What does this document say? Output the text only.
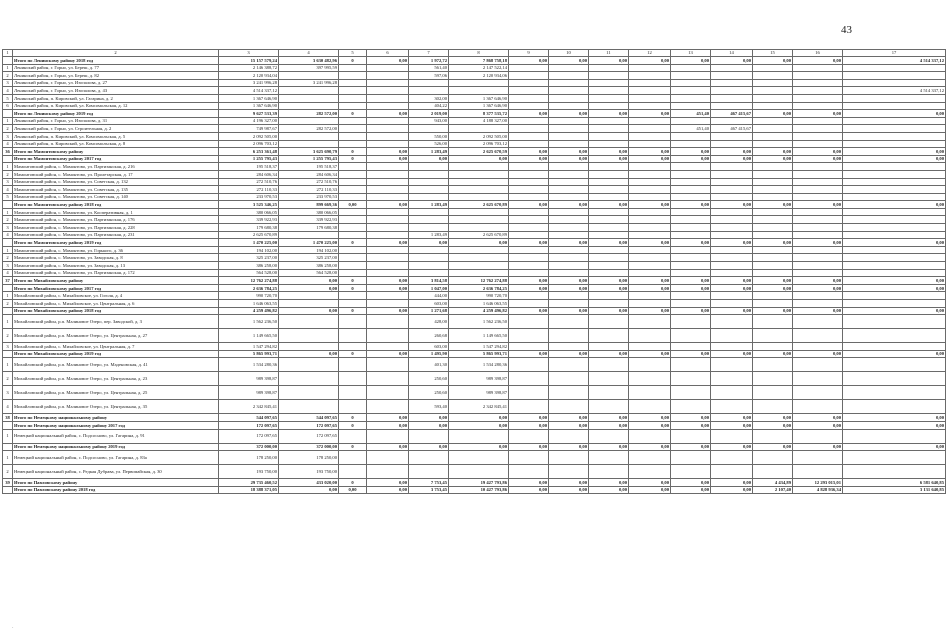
43
1	2	3	4	5	6	7	8	9	10	11	12	13	14	15	16	17
	Итого по Ленинскому району 2018 год	15 157 579,24	3 630 482,96	0	0,00	1 972,72	7 868 758,18	0,00	0,00	0,00	0,00	0,00	0,00	0,00	0,00	4 514 337,12
1	Ленинский район, г. Горно, ул. Береш, д. 77	2 146 388,72	397 995,59			561,40	2 147 522,14									
2	Ленинский район, г. Горно, ул. Береш, д. 82	2 120 934,04				597,06	2 120 934,06									
3	Ленинский район, г. Горно, ул. Изопалова, д. 27	3 241 996,28	3 241 996,28													
4	Ленинский район, г. Горно, ул. Изопалова, д. 43	4 514 337,12														4 514 337,12
5	Ленинский район, п. Кировский, ул. Гагарина, д. 2	1 367 646,90				302,00	1 367 646,90									
6	Ленинский район, п. Кировский, ул. Комсомольская, д. 12	1 367 646,90				404,22	1 367 646,90									
	Итого по Ленинскому району 2019 год	9 627 533,39	282 572,00	0	0,00	2 019,00	8 377 535,72	0,00	0,00	0,00	0,00	451,40	467 415,67	0,00	0,00	0,00
1	Ленинский район, г. Горно, ул. Изопалова, д. 31	4 196 327,00				943,00	4 188 327,00									
2	Ленинский район, г. Горно, ул. Строительная, д. 2	749 987,67	282 572,00									451,40	467 415,67			
3	Ленинский район, п. Кировский, ул. Комсомольская, д. 5	2 092 505,00				550,00	2 092 505,00									
4	Ленинский район, п. Кировский, ул. Комсомольская, д. 8	2 096 703,12				526,00	2 096 703,12									
36	Итого по Мамонтовскому району	6 253 361,48	3 625 690,79	0	0,00	1 283,49	2 625 670,59	0,00	0,00	0,00	0,00	0,00	0,00	0,00	0,00	0,00
	Итого по Мамонтовскому району 2017 год	1 255 795,43	1 255 795,43	0	0,00	0,00	0,00	0,00	0,00	0,00	0,00	0,00	0,00	0,00	0,00	0,00
1	Мамонтовский район, с. Мамонтово, ул. Партизанская, д. 216	195 518,37	195 518,37													
2	Мамонтовский район, с. Мамонтово, ул. Пролетарская, д. 17	284 606,34	284 606,34													
3	Мамонтовский район, с. Мамонтово, ул. Советская, д. 132	272 510,76	272 510,76													
4	Мамонтовский район, с. Мамонтово, ул. Советская, д. 135	272 110,33	272 110,33													
5	Мамонтовский район, с. Мамонтово, ул. Советская, д. 140	233 970,53	233 970,53													
	Итого по Мамонтовскому району 2018 год	3 525 346,25	899 669,36	0,00	0,00	1 283,49	2 625 670,89	0,00	0,00	0,00	0,00	0,00	0,00	0,00	0,00	0,00
1	Мамонтовский район, с. Мамонтово, ул. Кооперативная, д. 1	380 066,05	380 066,05													
2	Мамонтовский район, с. Мамонтово, ул. Партизанская, д. 176	339 922,93	339 922,93													
3	Мамонтовский район, с. Мамонтово, ул. Партизанская, д. 228	179 680,38	179 680,38													
4	Мамонтовский район, с. Мамонтово, ул. Партизанская, д. 231	2 625 670,89				1 283,49	2 625 670,89									
	Итого по Мамонтовскому району 2019 год	1 470 225,00	1 470 225,00	0	0,00	0,00	0,00	0,00	0,00	0,00	0,00	0,00	0,00	0,00	0,00	0,00
1	Мамонтовский район, с. Мамонтово, ул. Горького, д. 36	194 102,00	194 102,00													
2	Мамонтовский район, с. Мамонтово, ул. Заводская, д. 8	325 237,00	325 237,00													
3	Мамонтовский район, с. Мамонтово, ул. Заводская, д. 13	386 258,00	386 258,00													
4	Мамонтовский район, с. Мамонтово, ул. Партизанская, д. 172	564 528,00	564 528,00													
37	Итого по Михайловскому району	12 762 274,88	0,00	0	0,00	3 814,58	12 762 274,88	0,00	0,00	0,00	0,00	0,00	0,00	0,00	0,00	0,00
	Итого по Михайловскому району 2017 год	2 636 784,25	0,00	0	0,00	1 047,00	2 636 784,25	0,00	0,00	0,00	0,00	0,00	0,00	0,00	0,00	0,00
1	Михайловский район, с. Михайловское, ул. Гоголя, д. 4	990 720,70				444,00	990 720,70									
2	Михайловский район, с. Михайловское, ул. Центральная, д. 6	1 646 063,55				603,00	1 646 063,55									
	Итого по Михайловскому району 2018 год	4 259 496,82	0,00	0	0,00	1 271,68	4 259 496,82	0,00	0,00	0,00	0,00	0,00	0,00	0,00	0,00	0,00
1	Михайловский район, р.п. Малиновое Озеро, пер. Заводской, д. 3	1 562 236,50				428,00	1 562 236,50									
2	Михайловский район, р.п. Малиновое Озеро, ул. Центральная, д. 27	1 149 665,50				260,68	1 149 665,50									
3	Михайловский район, с. Михайловское, ул. Центральная, д. 7	1 547 294,82				603,00	1 547 294,82									
	Итого по Михайловскому району 2019 год	5 865 993,71	0,00	0	0,00	1 495,90	5 865 993,71	0,00	0,00	0,00	0,00	0,00	0,00	0,00	0,00	0,00
1	Михайловский район, р.п. Малиновое Озеро, ул. Маденовская, д. 41	1 534 280,36				401,30	1 534 280,36									
2	Михайловский район, р.п. Малиновое Озеро, ул. Центральная, д. 23	989 398,87				250,60	989 398,87									
3	Михайловский район, р.п. Малиновое Озеро, ул. Центральная, д. 25	989 398,87				250,60	989 398,87									
4	Михайловский район, р.п. Малиновое Озеро, ул. Центральная, д. 35	2 342 845,41				593,40	2 342 845,41									
38	Итого по Немецкому национальному району	544 097,65	544 097,65	0	0,00	0,00	0,00	0,00	0,00	0,00	0,00	0,00	0,00	0,00	0,00	0,00
	Итого по Немецкому национальному району 2017 год	172 097,65	172 097,65	0	0,00	0,00	0,00	0,00	0,00	0,00	0,00	0,00	0,00	0,00	0,00	0,00
1	Немецкий национальный район, с. Подсосново, ул. Гагарина, д. 91	172 097,65	172 097,65													
	Итого по Немецкому национальному району 2019 год	372 000,00	372 000,00	0	0,00	0,00	0,00	0,00	0,00	0,00	0,00	0,00	0,00	0,00	0,00	0,00
1	Немецкий национальный район, с. Подсосново, ул. Гагарина, д. 83а	178 250,00	178 250,00													
2	Немецкий национальный район, с. Редкая Дубрава, ул. Первомайская, д. 30	193 750,00	193 750,00													
39	Итого по Павловскому району	29 735 460,52	433 020,00	0	0,00	7 753,45	19 427 793,86	0,00	0,00	0,00	0,00	0,00	0,00	4 434,89	12 293 015,01	6 581 640,85
	Итого по Павловскому району 2018 год	18 388 371,05	0,00	0,00	0,00	3 753,45	10 427 793,86	0,00	0,00	0,00	0,00	0,00	0,00	2 107,40	4 828 936,34	3 131 640,85
.
